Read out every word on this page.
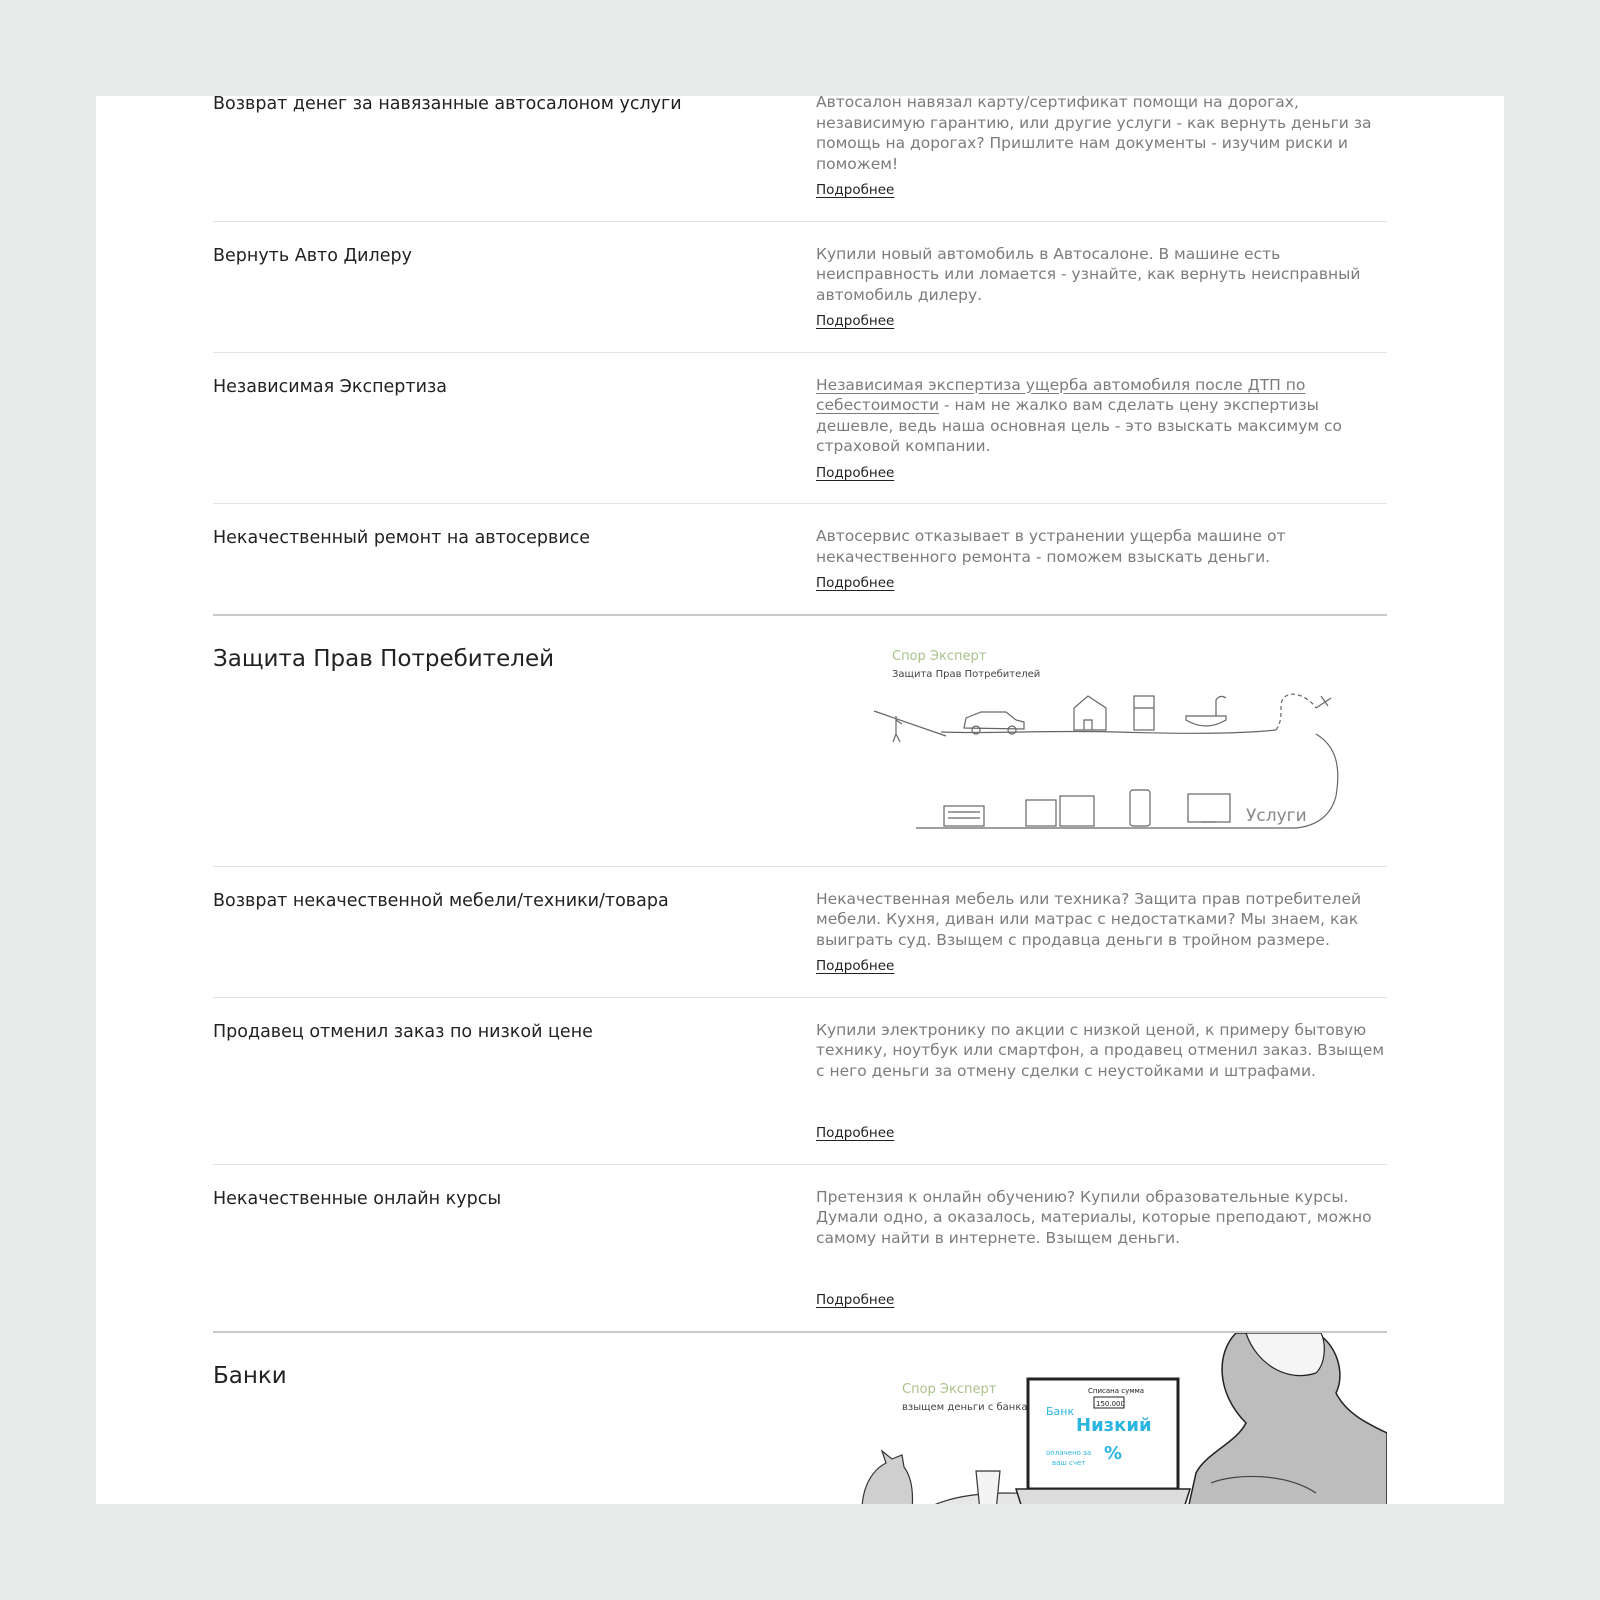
Возврат денег за навязанные автосалоном услуги	Автосалон навязал карту/сертификат помощи на дорогах, независимую гарантию, или другие услуги - как вернуть деньги за помощь на дорогах? Пришлите нам документы - изучим риски и поможем!
Подробнее
Вернуть Авто Дилеру	Купили новый автомобиль в Автосалоне. В машине есть неисправность или ломается - узнайте, как вернуть неисправный автомобиль дилеру.
Подробнее
Независимая Экспертиза	Независимая экспертиза ущерба автомобиля после ДТП по себестоимости - нам не жалко вам сделать цену экспертизы дешевле, ведь наша основная цель - это взыскать максимум со страховой компании.
Подробнее
Некачественный ремонт на автосервисе	Автосервис отказывает в устранении ущерба машине от некачественного ремонта - поможем взыскать деньги.
Подробнее
Защита Прав Потребителей	Спор Эксперт
Защита Прав Потребителей
Услуги
Возврат некачественной мебели/техники/товара	Некачественная мебель или техника? Защита прав потребителей мебели. Кухня, диван или матрас с недостатками? Мы знаем, как выиграть суд. Взыщем с продавца деньги в тройном размере.
Подробнее
Продавец отменил заказ по низкой цене	Купили электронику по акции с низкой ценой, к примеру бытовую технику, ноутбук или смартфон, а продавец отменил заказ. Взыщем с него деньги за отмену сделки с неустойками и штрафами.
Подробнее
Некачественные онлайн курсы	Претензия к онлайн обучению? Купили образовательные курсы. Думали одно, а оказалось, материалы, которые преподают, можно самому найти в интернете. Взыщем деньги.
Подробнее
Банки
Спор Эксперт
взыщем деньги с банка
Списана сумма
150.000
Банк
Низкий
оплачено за
ваш счет %
